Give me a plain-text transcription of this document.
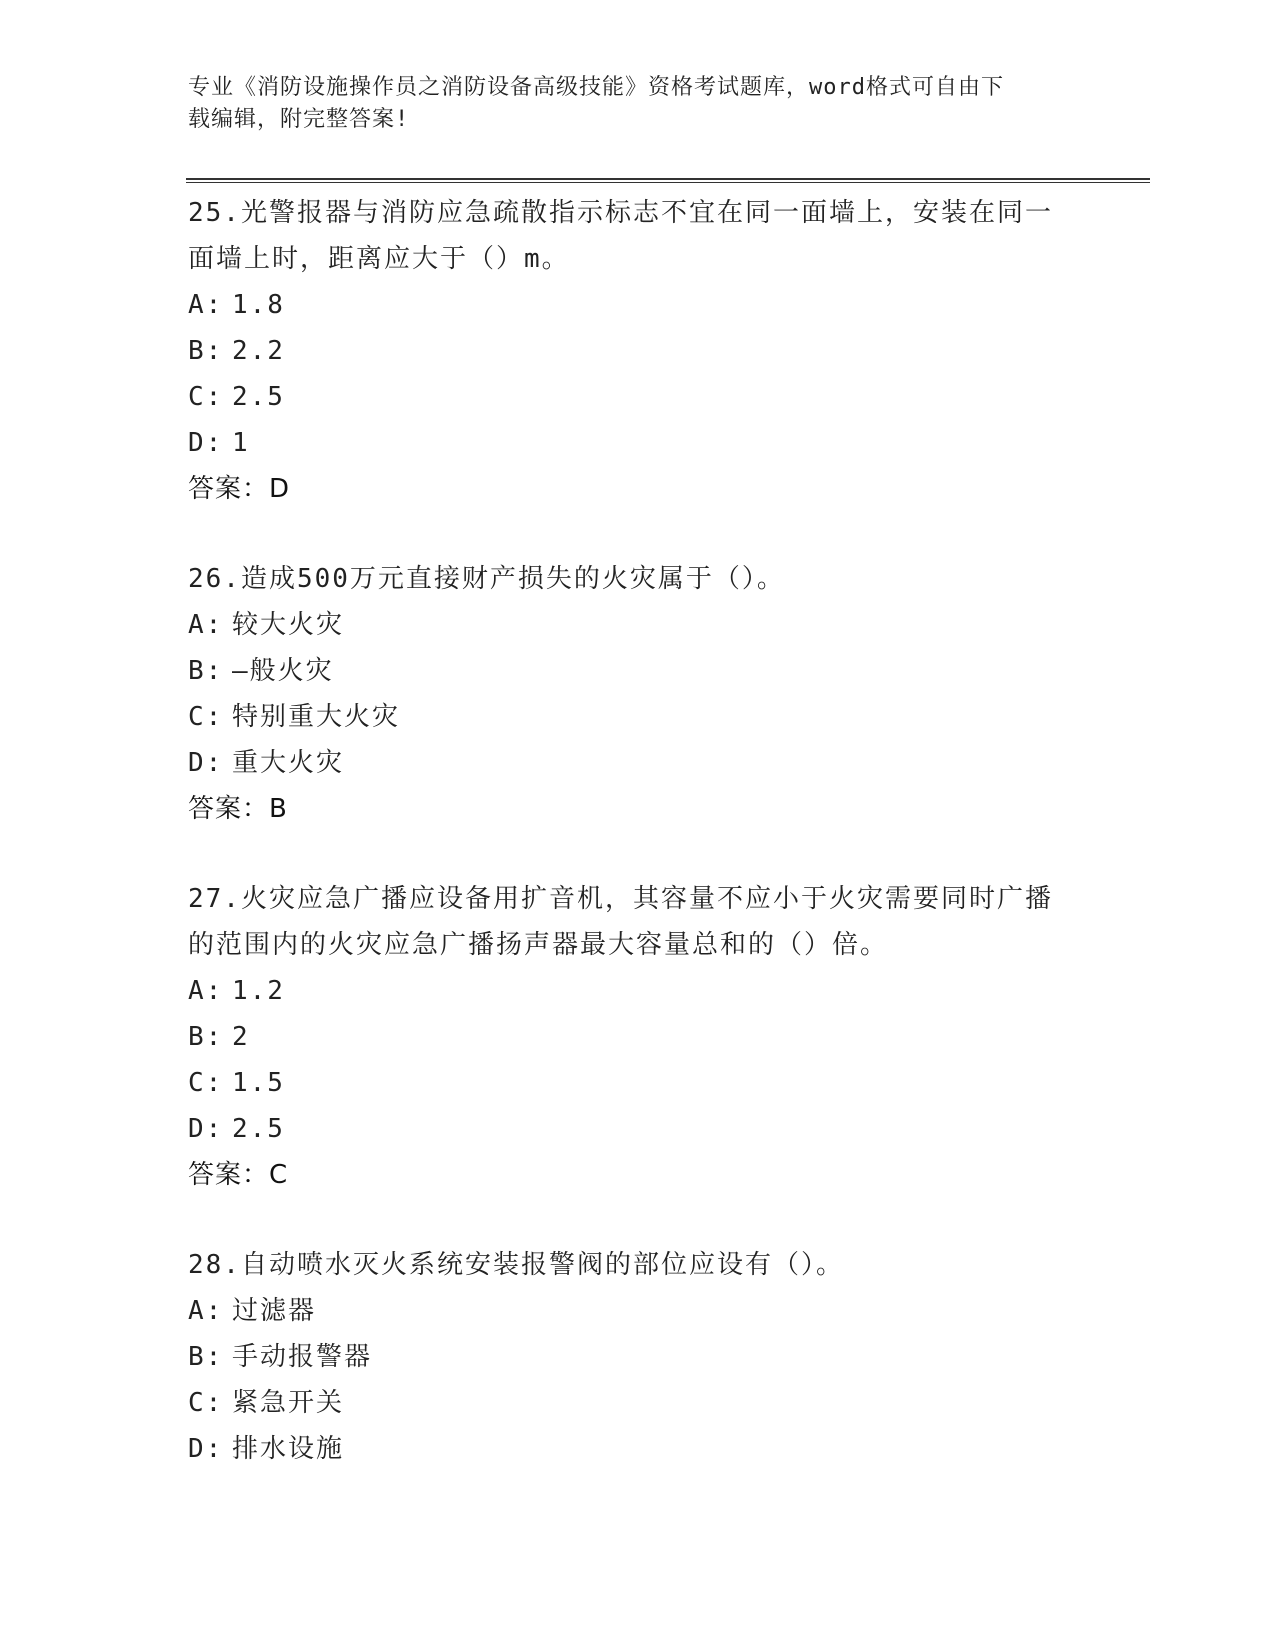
专业《消防设施操作员之消防设备高级技能》资格考试题库，word格式可自由下
载编辑，附完整答案!
25.光警报器与消防应急疏散指示标志不宜在同一面墙上，安装在同一
面墙上时，距离应大于（）m。
A: 1.8
B: 2.2
C: 2.5
D: 1
答案：D
26.造成500万元直接财产损失的火灾属于（）。
A: 较大火灾
B: —般火灾
C: 特别重大火灾
D: 重大火灾
答案：B
27.火灾应急广播应设备用扩音机，其容量不应小于火灾需要同时广播
的范围内的火灾应急广播扬声器最大容量总和的（）倍。
A: 1.2
B: 2
C: 1.5
D: 2.5
答案：C
28.自动喷水灭火系统安装报警阀的部位应设有（）。
A: 过滤器
B: 手动报警器
C: 紧急开关
D: 排水设施
